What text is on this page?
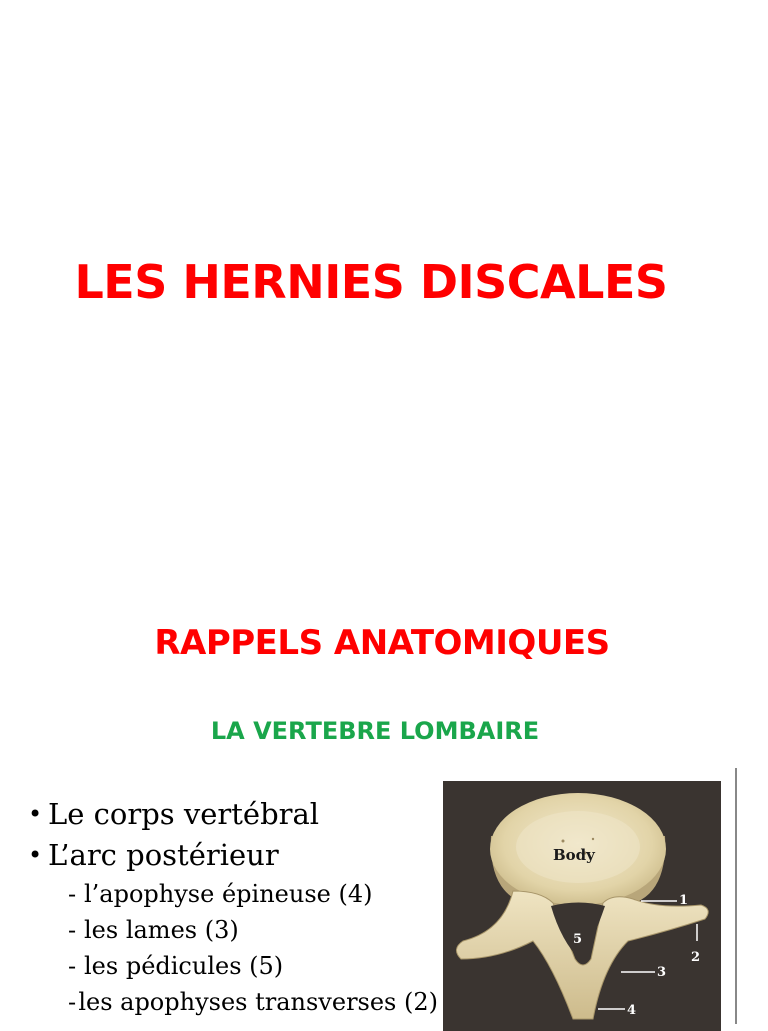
LES HERNIES DISCALES
RAPPELS ANATOMIQUES
LA VERTEBRE LOMBAIRE
• Le corps vertébral
• L’arc postérieur
- l’apophyse épineuse (4)
- les lames (3)
- les pédicules (5)
- les apophyses transverses (2)
Body
1
2
3
4
5
